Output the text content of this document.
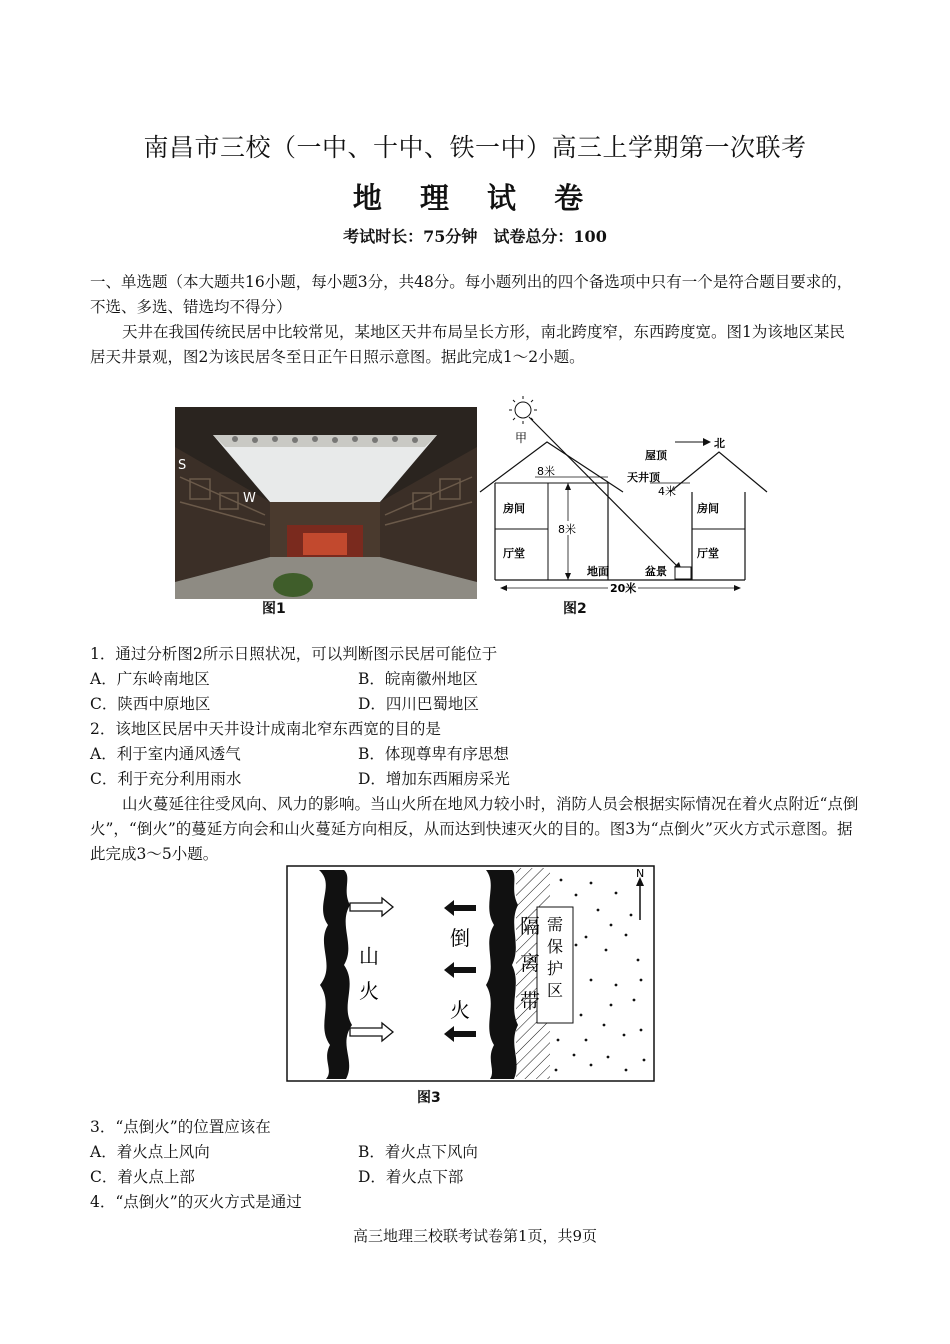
南昌市三校（一中、十中、铁一中）高三上学期第一次联考
地 理 试 卷
考试时长：75分钟　试卷总分：100
一、单选题（本大题共16小题，每小题3分，共48分。每小题列出的四个备选项中只有一个是符合题目要求的，不选、多选、错选均不得分）
天井在我国传统民居中比较常见，某地区天井布局呈长方形，南北跨度窄，东西跨度宽。图1为该地区某民居天井景观，图2为该民居冬至日正午日照示意图。据此完成1～2小题。
S
W
图1
甲
8米
8米
4米
天井顶
屋顶
北
房间
厅堂
房间
厅堂
盆景
地面
20米
图2
1．通过分析图2所示日照状况，可以判断图示民居可能位于
A．广东岭南地区	B．皖南徽州地区
C．陕西中原地区	D．四川巴蜀地区
2．该地区民居中天井设计成南北窄东西宽的目的是
A．利于室内通风透气	B．体现尊卑有序思想
C．利于充分利用雨水	D．增加东西厢房采光
山火蔓延往往受风向、风力的影响。当山火所在地风力较小时，消防人员会根据实际情况在着火点附近“点倒火”，“倒火”的蔓延方向会和山火蔓延方向相反，从而达到快速灭火的目的。图3为“点倒火”灭火方式示意图。据此完成3～5小题。
山
火
倒
火
隔
离
带
需
保
护
区
N
图3
3．“点倒火”的位置应该在
A．着火点上风向	B．着火点下风向
C．着火点上部	D．着火点下部
4．“点倒火”的灭火方式是通过
高三地理三校联考试卷第1页，共9页
